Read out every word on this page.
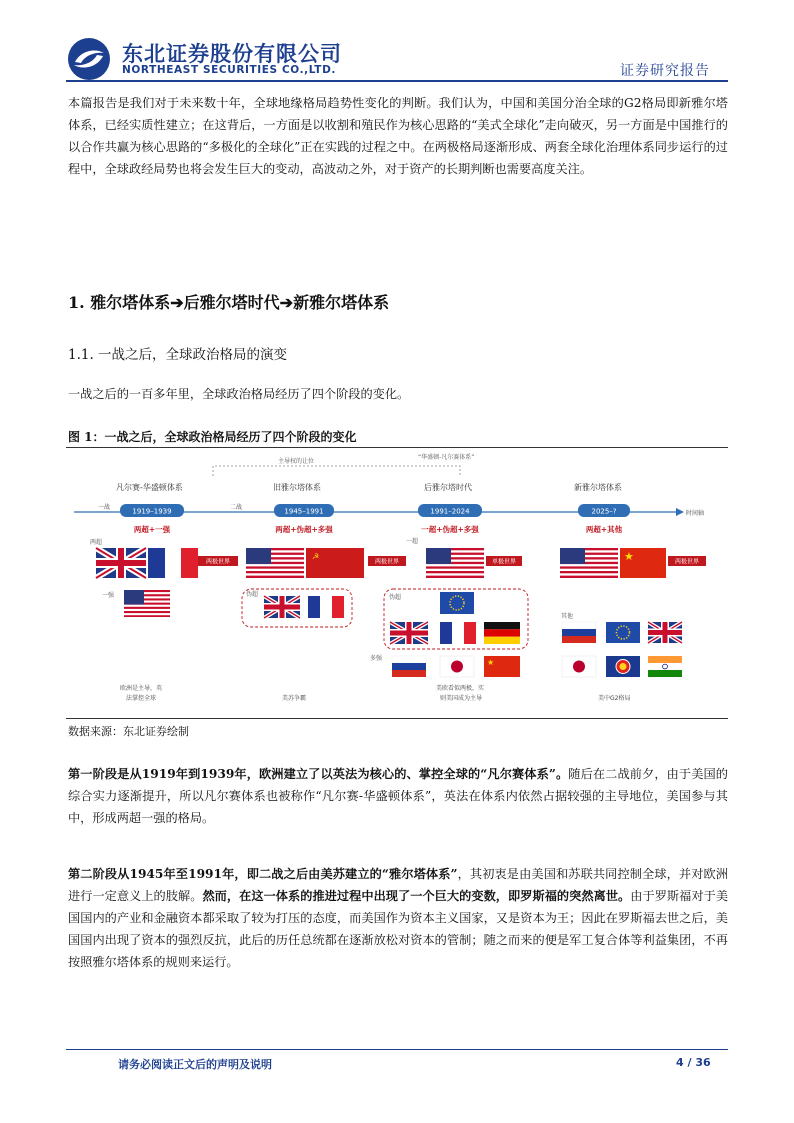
东北证券股份有限公司
NORTHEAST SECURITIES CO.,LTD.	证券研究报告
本篇报告是我们对于未来数十年，全球地缘格局趋势性变化的判断。我们认为，中国和美国分治全球的G2格局即新雅尔塔体系，已经实质性建立；在这背后，一方面是以收割和殖民作为核心思路的“美式全球化”走向破灭，另一方面是中国推行的以合作共赢为核心思路的“多极化的全球化”正在实践的过程之中。在两极格局逐渐形成、两套全球化治理体系同步运行的过程中，全球政经局势也将会发生巨大的变动，高波动之外，对于资产的长期判断也需要高度关注。
1. 雅尔塔体系➔后雅尔塔时代➔新雅尔塔体系
1.1. 一战之后，全球政治格局的演变
一战之后的一百多年里，全球政治格局经历了四个阶段的变化。
图 1：一战之后，全球政治格局经历了四个阶段的变化
主导权的让位
“华盛顿-凡尔赛体系”
凡尔赛-华盛顿体系	旧雅尔塔体系	后雅尔塔时代	新雅尔塔体系
时间轴
一战	二战
1919–1939	1945–1991	1991–2024	2025–?
两超+一强	两超+伪超+多强	一超+伪超+多强	两超+其他
两超
一强	伪超
一超
伪超
多强
其他
两极世界
欧洲是主导，英
法掌控全球
☭
两极世界
美苏争霸
单极世界
★
美欧看似两极，实
则美国成为主导
★	两极世界
美中G2格局
数据来源：东北证券绘制
第一阶段是从1919年到1939年，欧洲建立了以英法为核心的、掌控全球的“凡尔赛体系”。随后在二战前夕，由于美国的综合实力逐渐提升，所以凡尔赛体系也被称作“凡尔赛-华盛顿体系”，英法在体系内依然占据较强的主导地位，美国参与其中，形成两超一强的格局。
第二阶段从1945年至1991年，即二战之后由美苏建立的“雅尔塔体系”，其初衷是由美国和苏联共同控制全球，并对欧洲进行一定意义上的肢解。然而，在这一体系的推进过程中出现了一个巨大的变数，即罗斯福的突然离世。由于罗斯福对于美国国内的产业和金融资本都采取了较为打压的态度，而美国作为资本主义国家，又是资本为王；因此在罗斯福去世之后，美国国内出现了资本的强烈反抗，此后的历任总统都在逐渐放松对资本的管制；随之而来的便是军工复合体等利益集团，不再按照雅尔塔体系的规则来运行。
请务必阅读正文后的声明及说明	4 / 36
